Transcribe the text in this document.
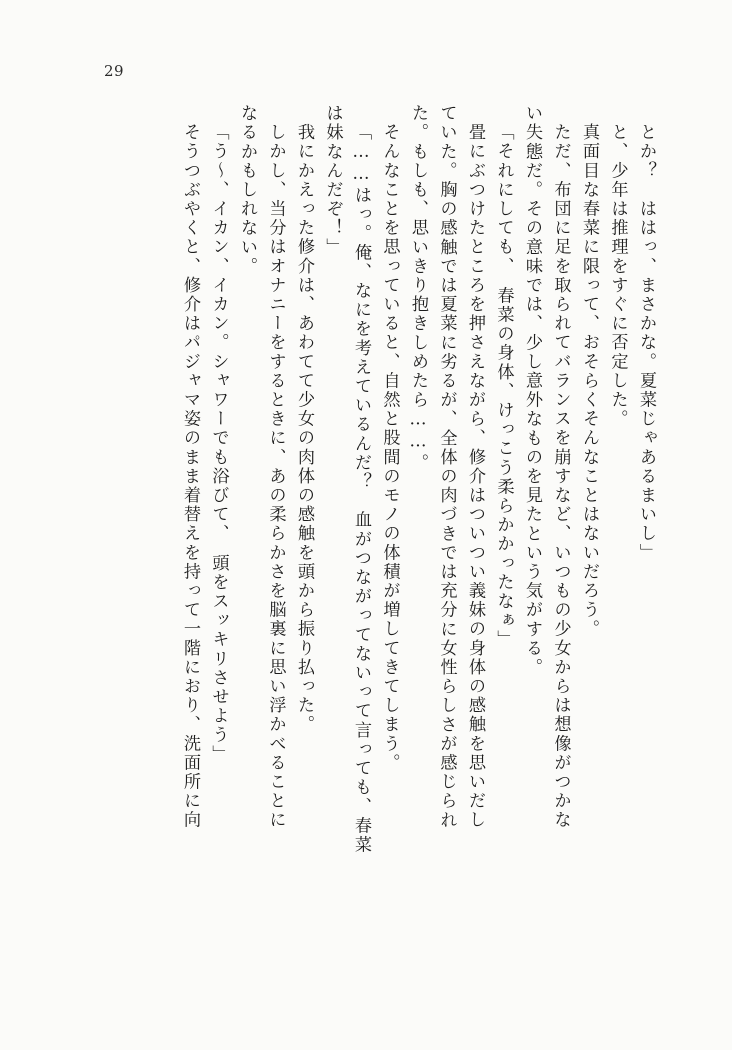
29
とか？　ははっ、まさかな。夏菜じゃあるまいし」
と、少年は推理をすぐに否定した。
真面目な春菜に限って、おそらくそんなことはないだろう。
ただ、布団に足を取られてバランスを崩すなど、いつもの少女からは想像がつかな
い失態だ。その意味では、少し意外なものを見たという気がする。
「それにしても、　春菜の身体、けっこう柔らかかったなぁ」
畳にぶつけたところを押さえながら、修介はついつい義妹の身体の感触を思いだし
ていた。胸の感触では夏菜に劣るが、全体の肉づきでは充分に女性らしさが感じられ
た。もしも、思いきり抱きしめたら……。
そんなことを思っていると、自然と股間のモノの体積が増してきてしまう。
「……はっ。俺、なにを考えているんだ？　血がつながってないって言っても、春菜
は妹なんだぞ！」
我にかえった修介は、あわてて少女の肉体の感触を頭から振り払った。
しかし、当分はオナニーをするときに、あの柔らかさを脳裏に思い浮かべることに
なるかもしれない。
「う～、イカン、イカン。シャワーでも浴びて、　頭をスッキリさせよう」
そうつぶやくと、修介はパジャマ姿のまま着替えを持って一階におり、洗面所に向
